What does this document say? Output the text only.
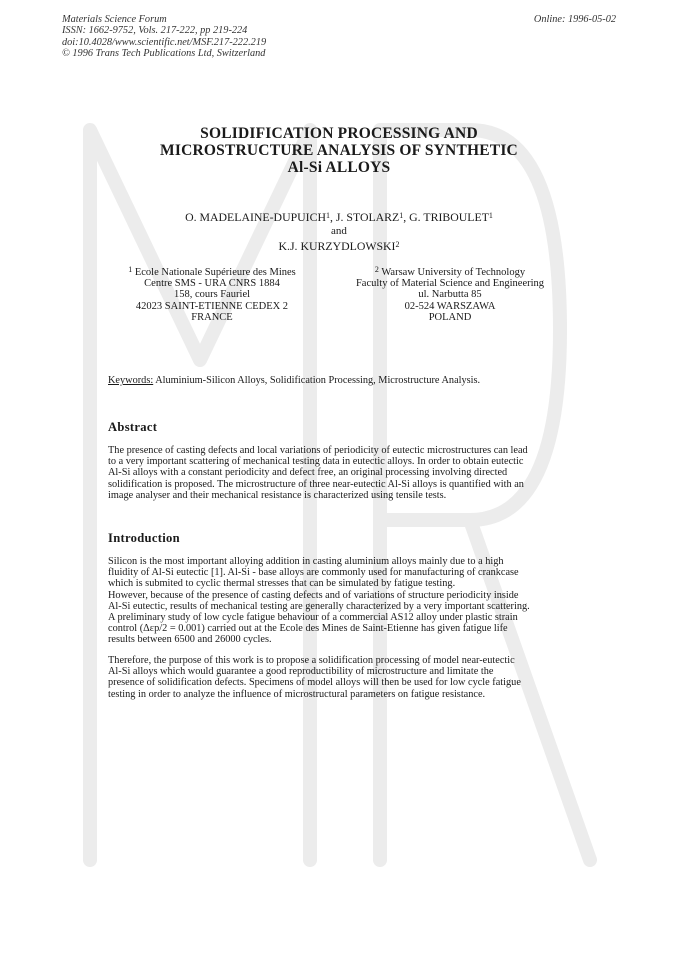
Materials Science Forum
ISSN: 1662-9752, Vols. 217-222, pp 219-224
doi:10.4028/www.scientific.net/MSF.217-222.219
© 1996 Trans Tech Publications Ltd, Switzerland
Online: 1996-05-02
SOLIDIFICATION PROCESSING AND
MICROSTRUCTURE ANALYSIS OF SYNTHETIC
Al-Si ALLOYS
O. MADELAINE-DUPUICH$^1$, J. STOLARZ$^1$, G. TRIBOULET$^1$
and
K.J. KURZYDLOWSKI$^2$
$^1$ Ecole Nationale Supérieure des Mines
Centre SMS - URA CNRS 1884
158, cours Fauriel
42023 SAINT-ETIENNE CEDEX 2
FRANCE
$^2$ Warsaw University of Technology
Faculty of Material Science and Engineering
ul. Narbutta 85
02-524 WARSZAWA
POLAND
Keywords: Aluminium-Silicon Alloys, Solidification Processing, Microstructure Analysis.
Abstract
The presence of casting defects and local variations of periodicity of eutectic microstructures can lead
to a very important scattering of mechanical testing data in eutectic alloys. In order to obtain eutectic
Al-Si alloys with a constant periodicity and defect free, an original processing involving directed
solidification is proposed. The microstructure of three near-eutectic Al-Si alloys is quantified with an
image analyser and their mechanical resistance is characterized using tensile tests.
Introduction
Silicon is the most important alloying addition in casting aluminium alloys mainly due to a high
fluidity of Al-Si eutectic [1]. Al-Si - base alloys are commonly used for manufacturing of crankcase
which is submited to cyclic thermal stresses that can be simulated by fatigue testing.
However, because of the presence of casting defects and of variations of structure periodicity inside
Al-Si eutectic, results of mechanical testing are generally characterized by a very important scattering.
A preliminary study of low cycle fatigue behaviour of a commercial AS12 alloy under plastic strain
control (Δεp/2 = 0.001) carried out at the Ecole des Mines de Saint-Etienne has given fatigue life
results between 6500 and 26000 cycles.
Therefore, the purpose of this work is to propose a solidification processing of model near-eutectic
Al-Si alloys which would guarantee a good reproductibility of microstructure and limitate the
presence of solidification defects. Specimens of model alloys will then be used for low cycle fatigue
testing in order to analyze the influence of microstructural parameters on fatigue resistance.
